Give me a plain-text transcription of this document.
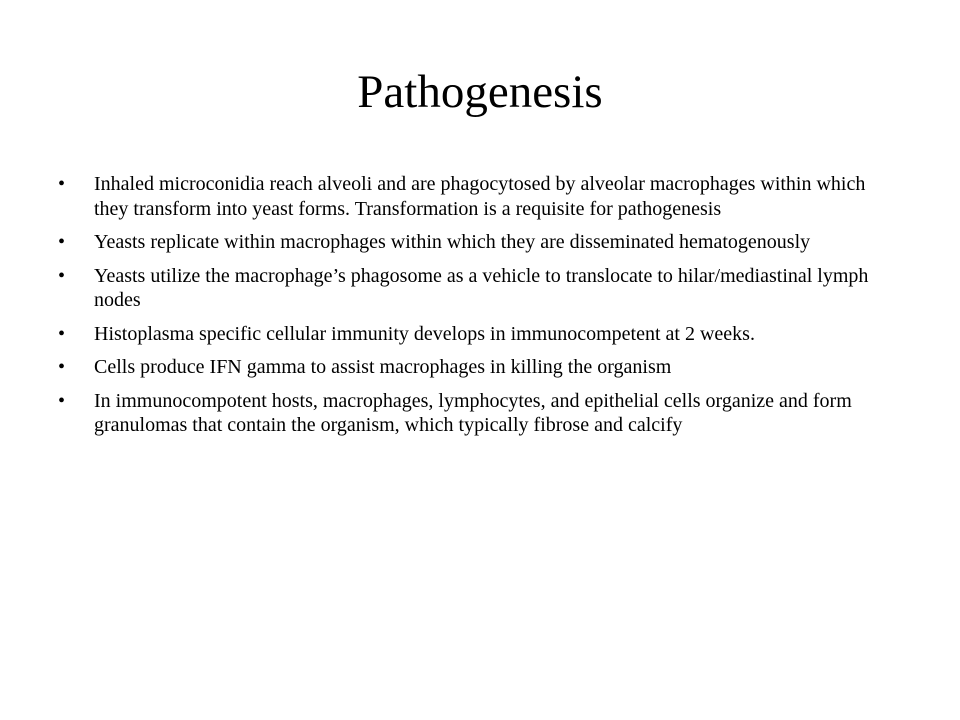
Pathogenesis
•	Inhaled microconidia reach alveoli and are phagocytosed by alveolar macrophages within which they transform into yeast forms. Transformation is a requisite for pathogenesis
•	Yeasts replicate within macrophages within which they are disseminated hematogenously
•	Yeasts utilize the macrophage’s phagosome as a vehicle to translocate to hilar/mediastinal lymph nodes
•	Histoplasma specific cellular immunity develops in immunocompetent at 2 weeks.
•	Cells produce IFN gamma to assist macrophages in killing the organism
•	In immunocompotent hosts, macrophages, lymphocytes, and epithelial cells organize and form granulomas that contain the organism, which typically fibrose and calcify
